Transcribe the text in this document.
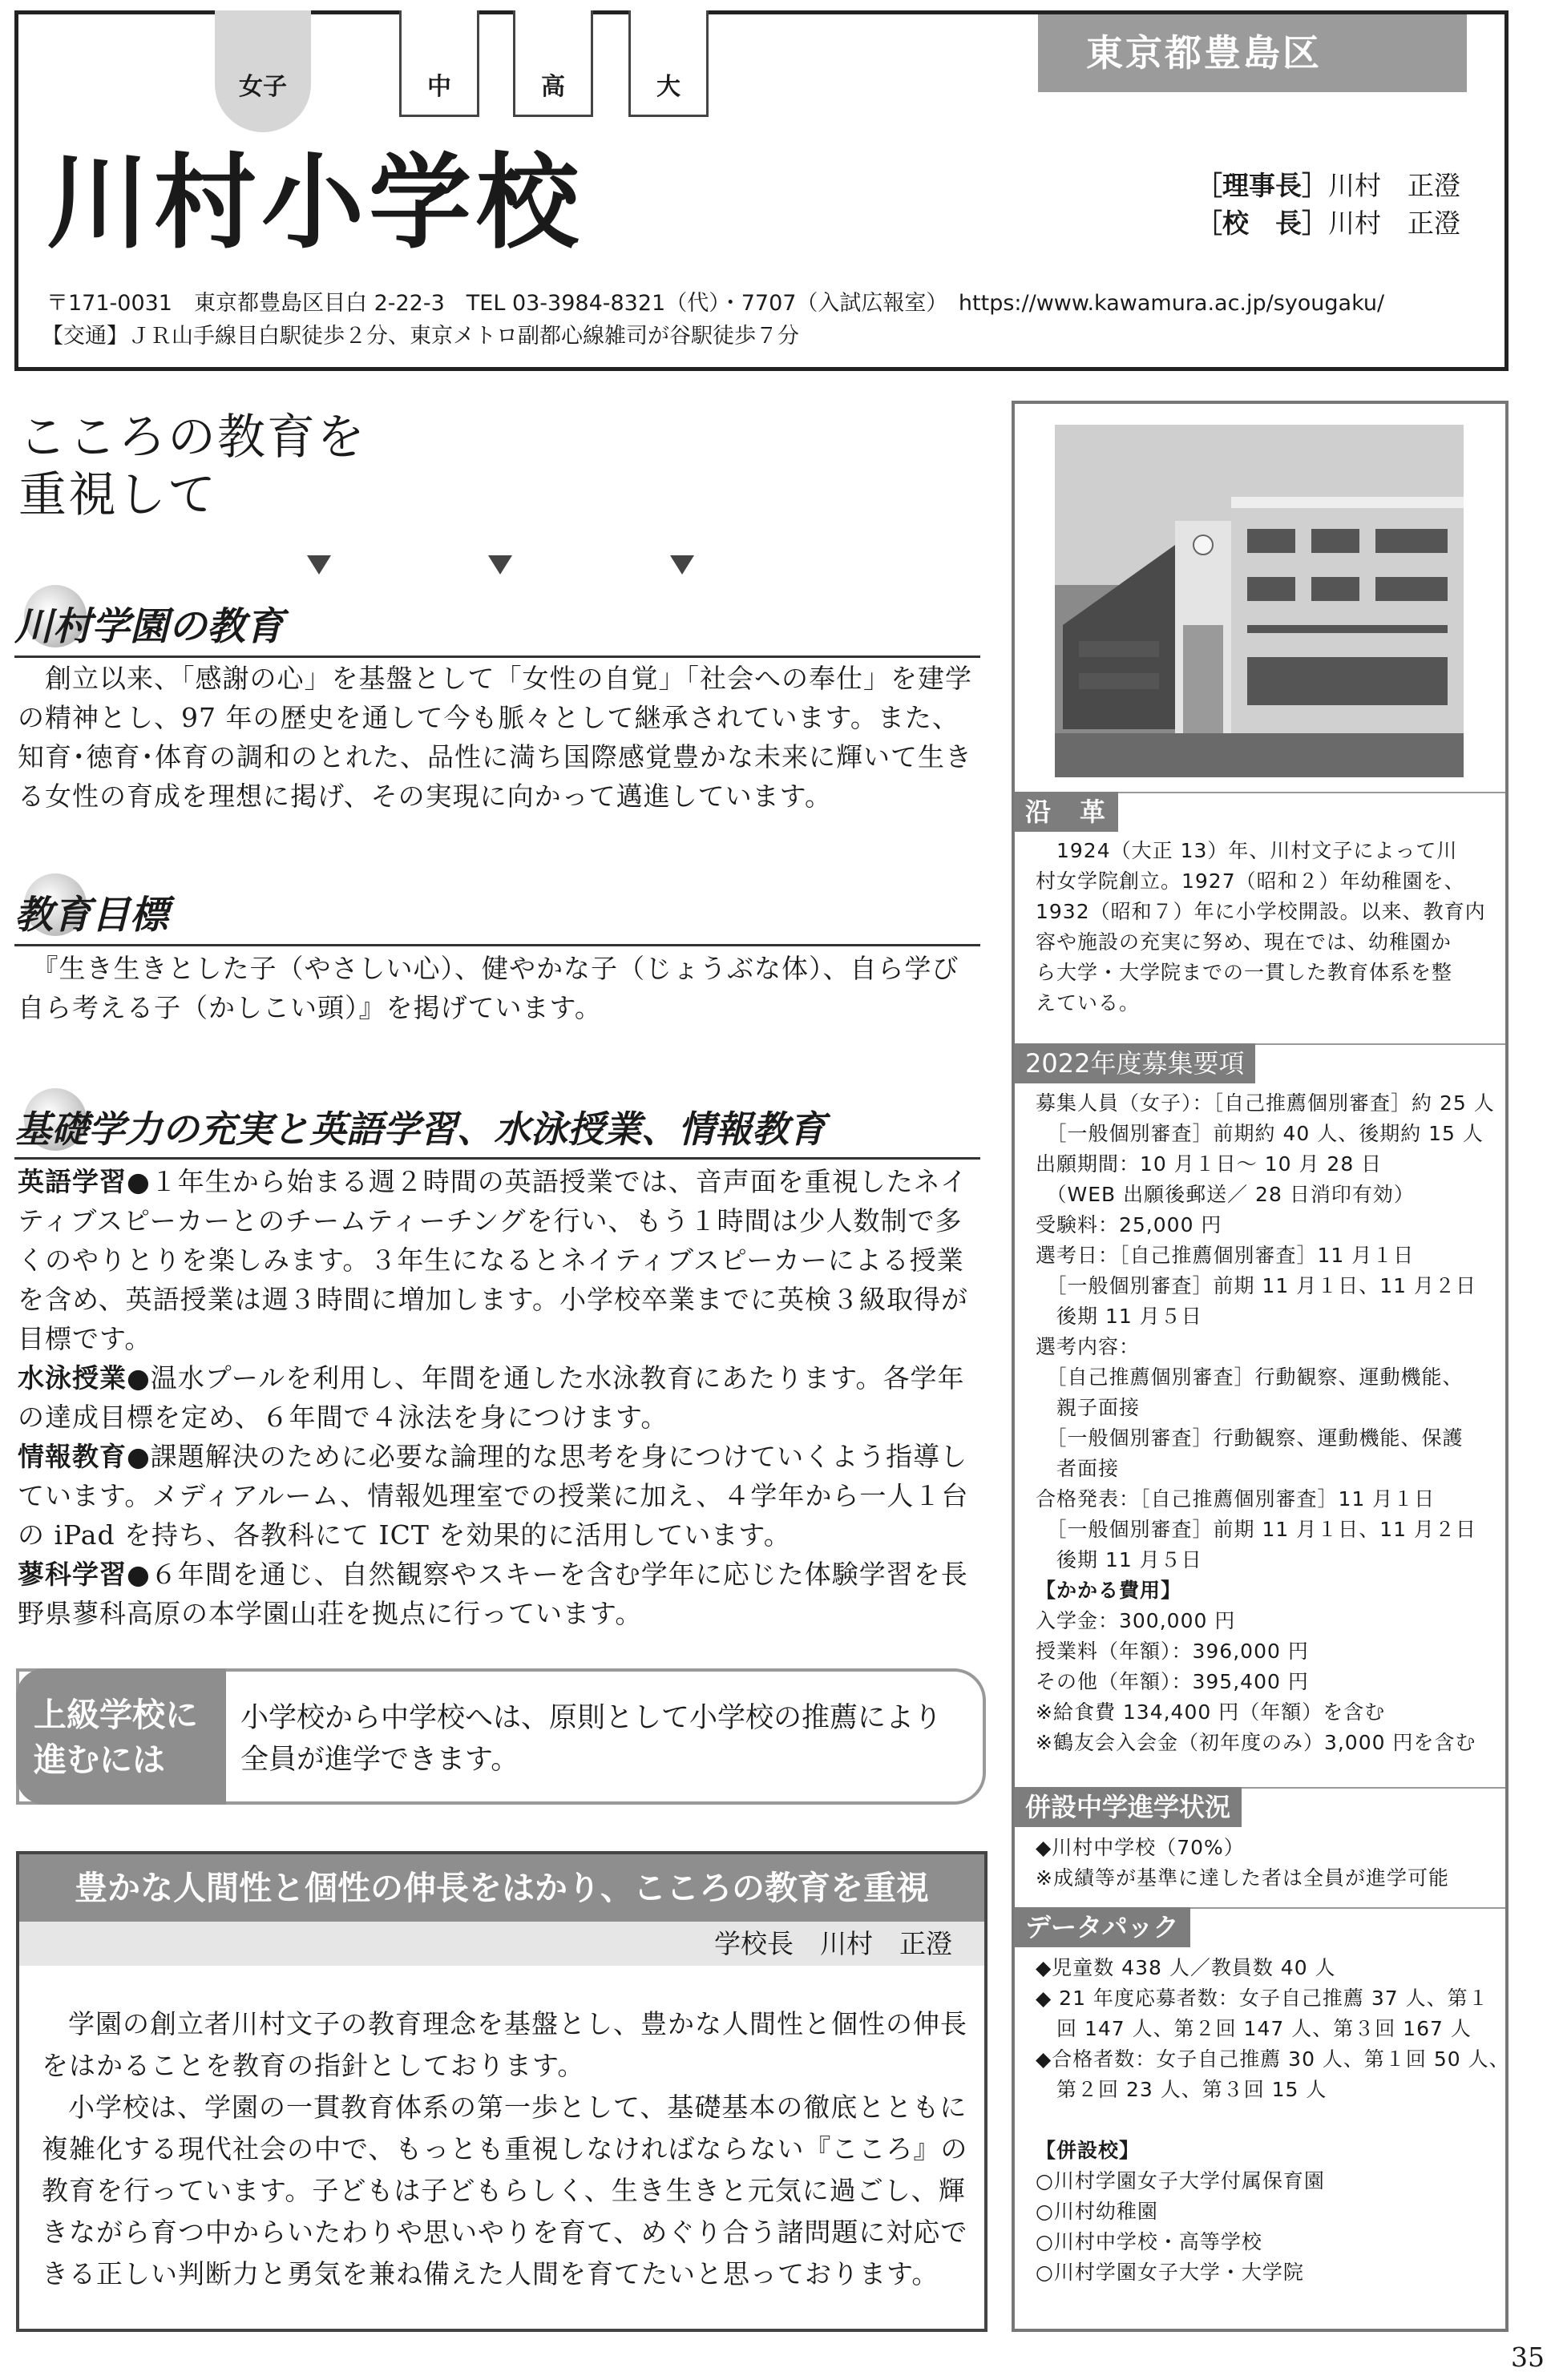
女子	中	高	大
東京都豊島区
川村小学校	［理事長］川村　正澄
［校　長］川村　正澄
〒171-0031　東京都豊島区目白 2-22-3　TEL 03-3984-8321（代）・7707（入試広報室）　https://www.kawamura.ac.jp/syougaku/
【交通】ＪＲ山手線目白駅徒歩２分、東京メトロ副都心線雑司が谷駅徒歩７分
こころの教育を
重視して
川村学園の教育

　創立以来、「感謝の心」を基盤として「女性の自覚」「社会への奉仕」を建学の精神とし、97 年の歴史を通して今も脈々として継承されています。また、知育･徳育･体育の調和のとれた、品性に満ち国際感覚豊かな未来に輝いて生きる女性の育成を理想に掲げ、その実現に向かって邁進しています。

教育目標

　『生き生きとした子（やさしい心）、健やかな子（じょうぶな体）、自ら学び自ら考える子（かしこい頭）』を掲げています。

基礎学力の充実と英語学習、水泳授業、情報教育

英語学習●１年生から始まる週２時間の英語授業では、音声面を重視したネイティブスピーカーとのチームティーチングを行い、もう１時間は少人数制で多くのやりとりを楽しみます。３年生になるとネイティブスピーカーによる授業を含め、英語授業は週３時間に増加します。小学校卒業までに英検３級取得が目標です。

水泳授業●温水プールを利用し、年間を通した水泳教育にあたります。各学年の達成目標を定め、６年間で４泳法を身につけます。

情報教育●課題解決のために必要な論理的な思考を身につけていくよう指導しています。メディアルーム、情報処理室での授業に加え、４学年から一人１台の iPad を持ち、各教科にて ICT を効果的に活用しています。

蓼科学習●６年間を通じ、自然観察やスキーを含む学年に応じた体験学習を長野県蓼科高原の本学園山荘を拠点に行っています。

上級学校に
進むには
小学校から中学校へは、原則として小学校の推薦により全員が進学できます。
豊かな人間性と個性の伸長をはかり、こころの教育を重視
学校長　川村　正澄

学園の創立者川村文子の教育理念を基盤とし、豊かな人間性と個性の伸長をはかることを教育の指針としております。

小学校は、学園の一貫教育体系の第一歩として、基礎基本の徹底とともに複雑化する現代社会の中で、もっとも重視しなければならない『こころ』の教育を行っています。子どもは子どもらしく、生き生きと元気に過ごし、輝きながら育つ中からいたわりや思いやりを育て、めぐり合う諸問題に対応できる正しい判断力と勇気を兼ね備えた人間を育てたいと思っております。

沿　革
　1924（大正 13）年、川村文子によって川
村女学院創立。1927（昭和２）年幼稚園を、
1932（昭和７）年に小学校開設。以来、教育内
容や施設の充実に努め、現在では、幼稚園か
ら大学・大学院までの一貫した教育体系を整
えている。
2022年度募集要項
募集人員（女子）：［自己推薦個別審査］約 25 人
　［一般個別審査］前期約 40 人、後期約 15 人
出願期間：10 月１日〜 10 月 28 日
　（WEB 出願後郵送／ 28 日消印有効）
受験料：25,000 円
選考日：［自己推薦個別審査］11 月１日
　［一般個別審査］前期 11 月１日、11 月２日
　後期 11 月５日
選考内容：
　［自己推薦個別審査］行動観察、運動機能、
　親子面接
　［一般個別審査］行動観察、運動機能、保護
　者面接
合格発表：［自己推薦個別審査］11 月１日
　［一般個別審査］前期 11 月１日、11 月２日
　後期 11 月５日
【かかる費用】
入学金：300,000 円
授業料（年額）：396,000 円
その他（年額）：395,400 円
※給食費 134,400 円（年額）を含む
※鶴友会入会金（初年度のみ）3,000 円を含む
併設中学進学状況
◆川村中学校（70%）
※成績等が基準に達した者は全員が進学可能
データパック
◆児童数 438 人／教員数 40 人
◆ 21 年度応募者数：女子自己推薦 37 人、第１
　回 147 人、第２回 147 人、第３回 167 人
◆合格者数：女子自己推薦 30 人、第１回 50 人、
　第２回 23 人、第３回 15 人
【併設校】
○川村学園女子大学付属保育園
○川村幼稚園
○川村中学校・高等学校
○川村学園女子大学・大学院
35
